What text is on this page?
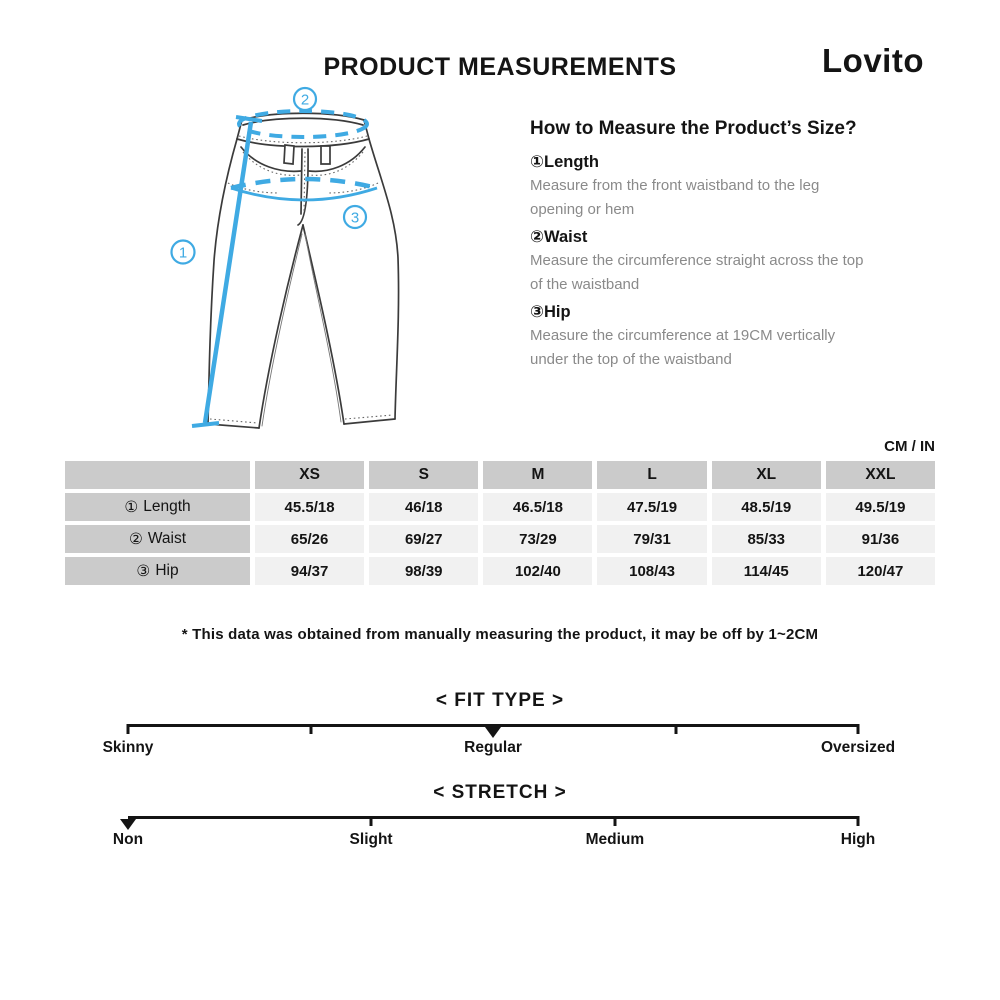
PRODUCT MEASUREMENTS	Lovito
1
2
3
How to Measure the Product’s Size?
①Length
Measure from the front waistband to the leg opening or hem
②Waist
Measure the circumference straight across the top of the waistband
③Hip
Measure the circumference at 19CM vertically under the top of the waistband
CM / IN
XS	S	M	L	XL	XXL
① Length	45.5/18	46/18	46.5/18	47.5/19	48.5/19	49.5/19
② Waist	65/26	69/27	73/29	79/31	85/33	91/36
③ Hip	94/37	98/39	102/40	108/43	114/45	120/47
* This data was obtained from manually measuring the product, it may be off by 1~2CM
< FIT TYPE >
Skinny	Regular	Oversized
< STRETCH >
Non	Slight	Medium	High
